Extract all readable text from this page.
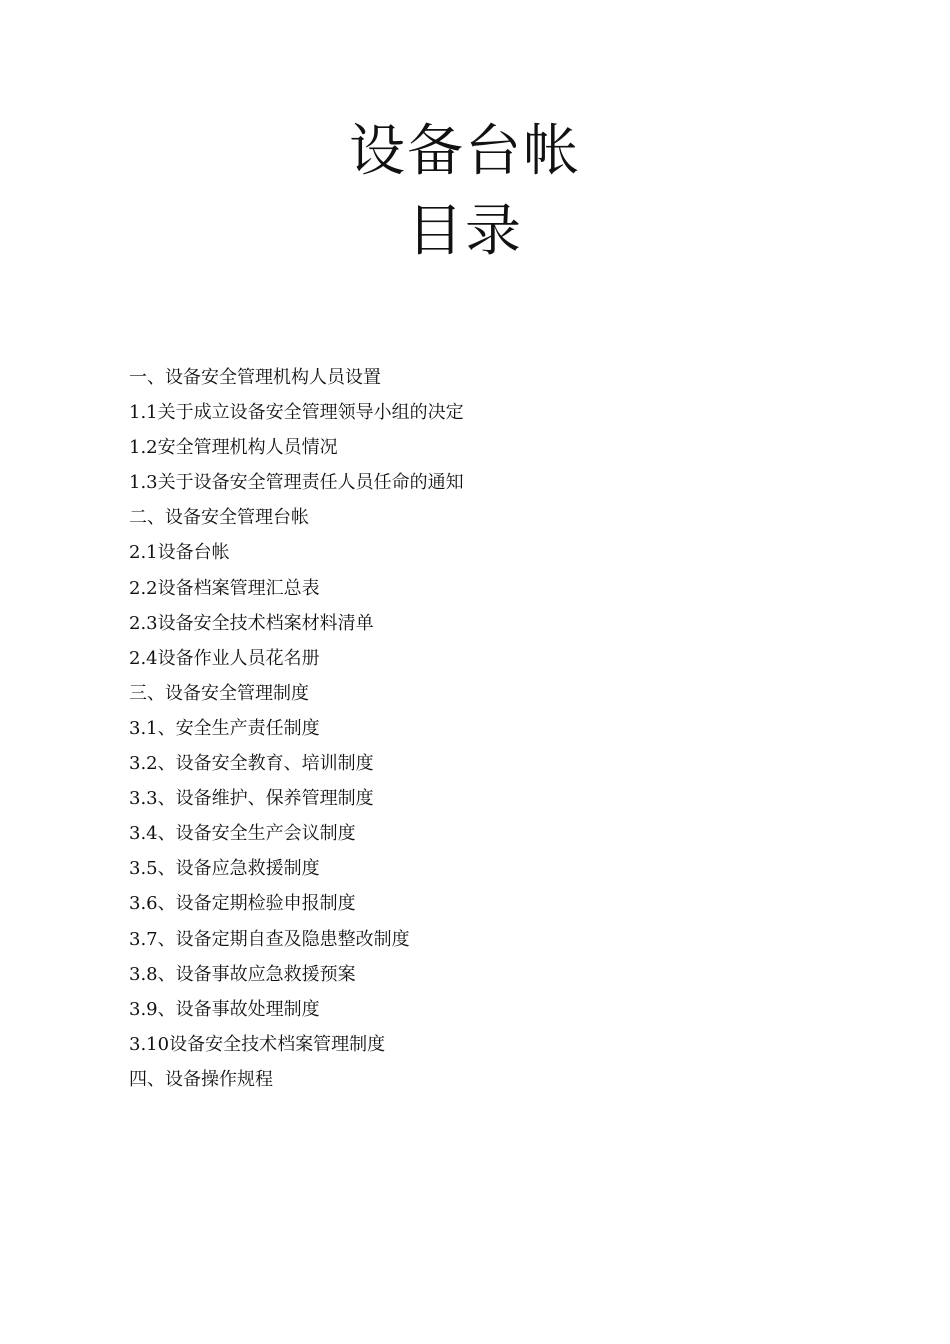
设备台帐
目录
一、设备安全管理机构人员设置
1.1关于成立设备安全管理领导小组的决定
1.2安全管理机构人员情况
1.3关于设备安全管理责任人员任命的通知
二、设备安全管理台帐
2.1设备台帐
2.2设备档案管理汇总表
2.3设备安全技术档案材料清单
2.4设备作业人员花名册
三、设备安全管理制度
3.1、安全生产责任制度
3.2、设备安全教育、培训制度
3.3、设备维护、保养管理制度
3.4、设备安全生产会议制度
3.5、设备应急救援制度
3.6、设备定期检验申报制度
3.7、设备定期自查及隐患整改制度
3.8、设备事故应急救援预案
3.9、设备事故处理制度
3.10设备安全技术档案管理制度
四、设备操作规程
